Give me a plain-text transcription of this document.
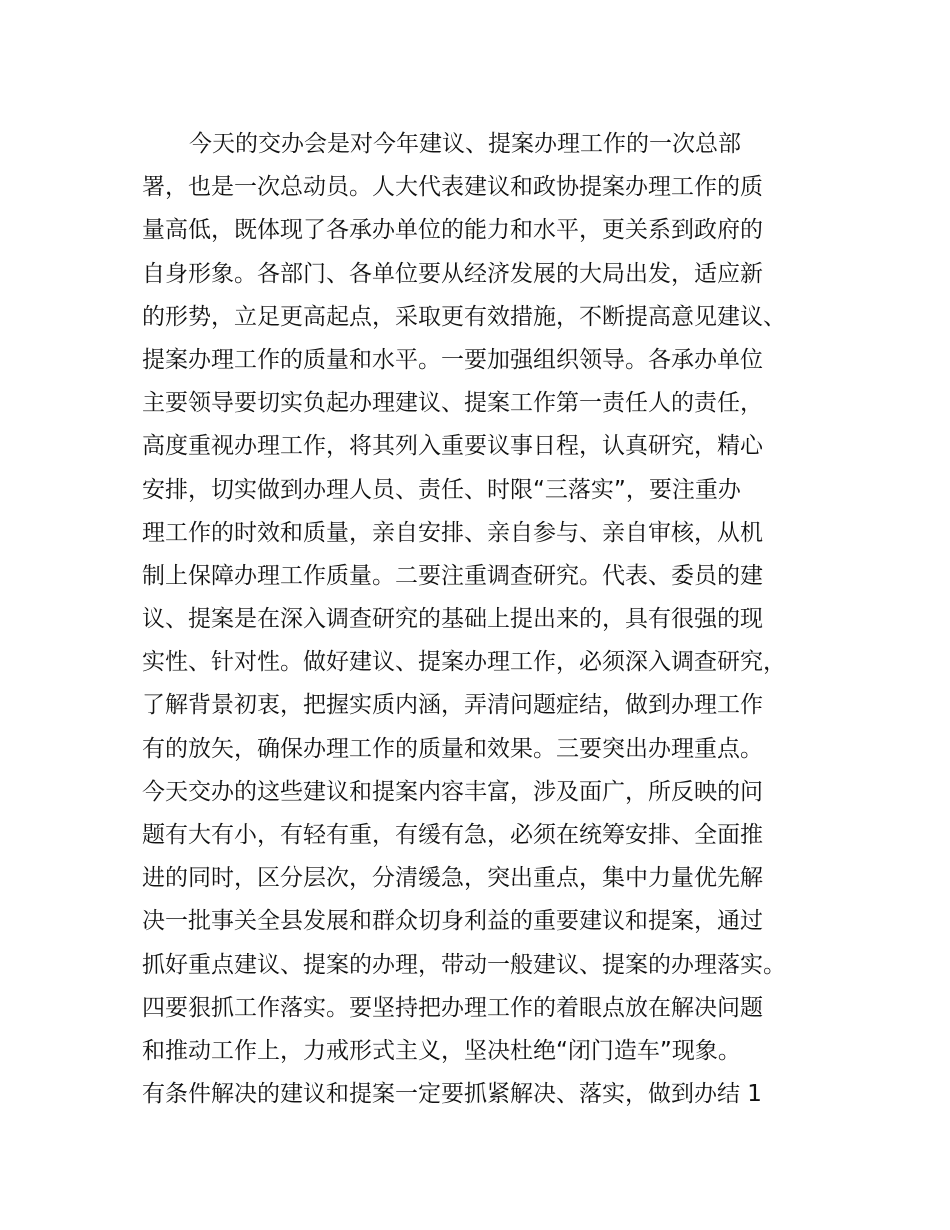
今天的交办会是对今年建议、提案办理工作的一次总部
署，也是一次总动员。人大代表建议和政协提案办理工作的质
量高低，既体现了各承办单位的能力和水平，更关系到政府的
自身形象。各部门、各单位要从经济发展的大局出发，适应新
的形势，立足更高起点，采取更有效措施，不断提高意见建议、
提案办理工作的质量和水平。一要加强组织领导。各承办单位
主要领导要切实负起办理建议、提案工作第一责任人的责任，
高度重视办理工作，将其列入重要议事日程，认真研究，精心
安排，切实做到办理人员、责任、时限“三落实”，要注重办
理工作的时效和质量，亲自安排、亲自参与、亲自审核，从机
制上保障办理工作质量。二要注重调查研究。代表、委员的建
议、提案是在深入调查研究的基础上提出来的，具有很强的现
实性、针对性。做好建议、提案办理工作，必须深入调查研究，
了解背景初衷，把握实质内涵，弄清问题症结，做到办理工作
有的放矢，确保办理工作的质量和效果。三要突出办理重点。
今天交办的这些建议和提案内容丰富，涉及面广，所反映的问
题有大有小，有轻有重，有缓有急，必须在统筹安排、全面推
进的同时，区分层次，分清缓急，突出重点，集中力量优先解
决一批事关全县发展和群众切身利益的重要建议和提案，通过
抓好重点建议、提案的办理，带动一般建议、提案的办理落实。
四要狠抓工作落实。要坚持把办理工作的着眼点放在解决问题
和推动工作上，力戒形式主义，坚决杜绝“闭门造车”现象。
有条件解决的建议和提案一定要抓紧解决、落实，做到办结 1
